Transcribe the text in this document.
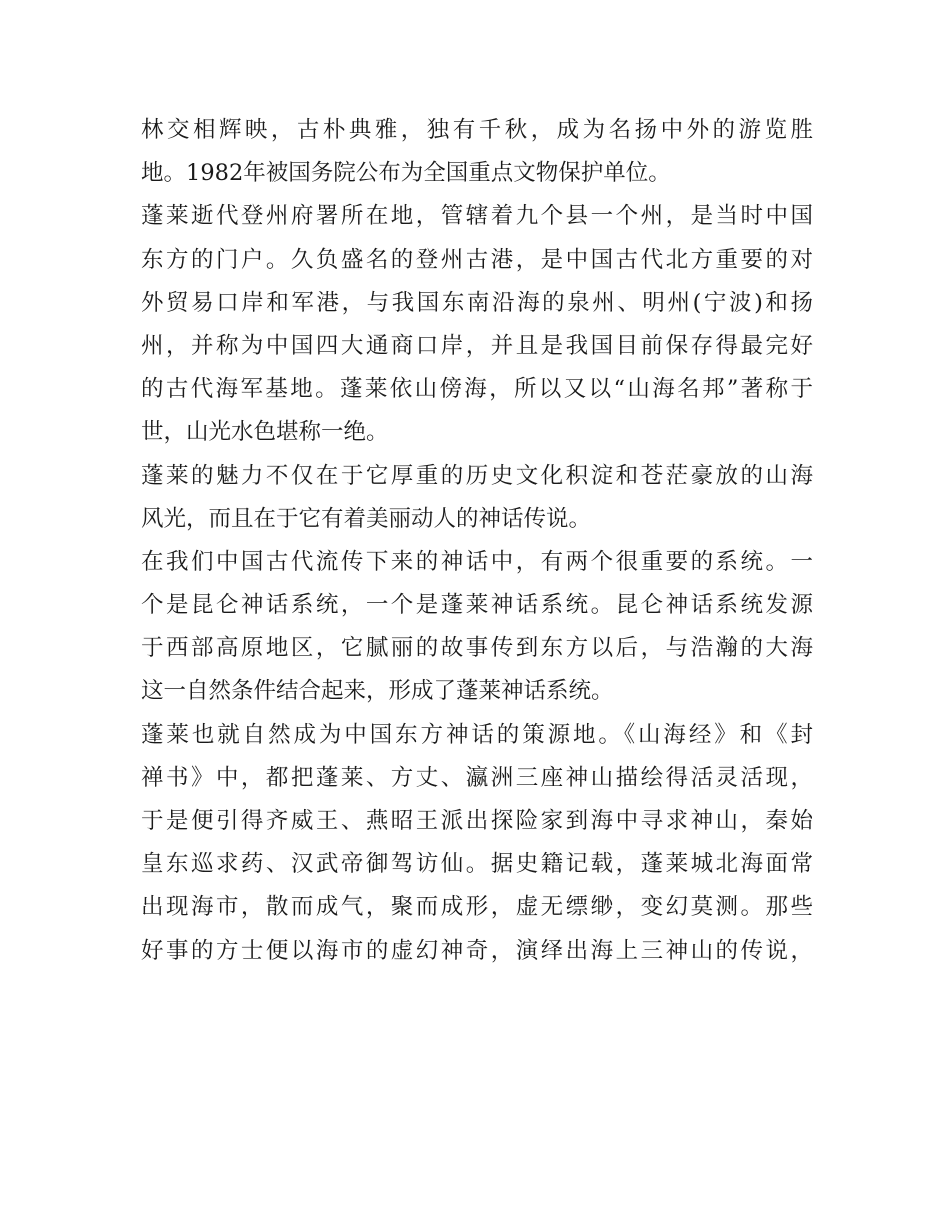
林交相辉映，古朴典雅，独有千秋，成为名扬中外的游览胜
地。1982年被国务院公布为全国重点文物保护单位。
蓬莱逝代登州府署所在地，管辖着九个县一个州，是当时中国
东方的门户。久负盛名的登州古港，是中国古代北方重要的对
外贸易口岸和军港，与我国东南沿海的泉州、明州(宁波)和扬
州，并称为中国四大通商口岸，并且是我国目前保存得最完好
的古代海军基地。蓬莱依山傍海，所以又以“山海名邦”著称于
世，山光水色堪称一绝。
蓬莱的魅力不仅在于它厚重的历史文化积淀和苍茫豪放的山海
风光，而且在于它有着美丽动人的神话传说。
在我们中国古代流传下来的神话中，有两个很重要的系统。一
个是昆仑神话系统，一个是蓬莱神话系统。昆仑神话系统发源
于西部高原地区，它腻丽的故事传到东方以后，与浩瀚的大海
这一自然条件结合起来，形成了蓬莱神话系统。
蓬莱也就自然成为中国东方神话的策源地。《山海经》和《封
禅书》中，都把蓬莱、方丈、瀛洲三座神山描绘得活灵活现，
于是便引得齐威王、燕昭王派出探险家到海中寻求神山，秦始
皇东巡求药、汉武帝御驾访仙。据史籍记载，蓬莱城北海面常
出现海市，散而成气，聚而成形，虚无缥缈，变幻莫测。那些
好事的方士便以海市的虚幻神奇，演绎出海上三神山的传说，
